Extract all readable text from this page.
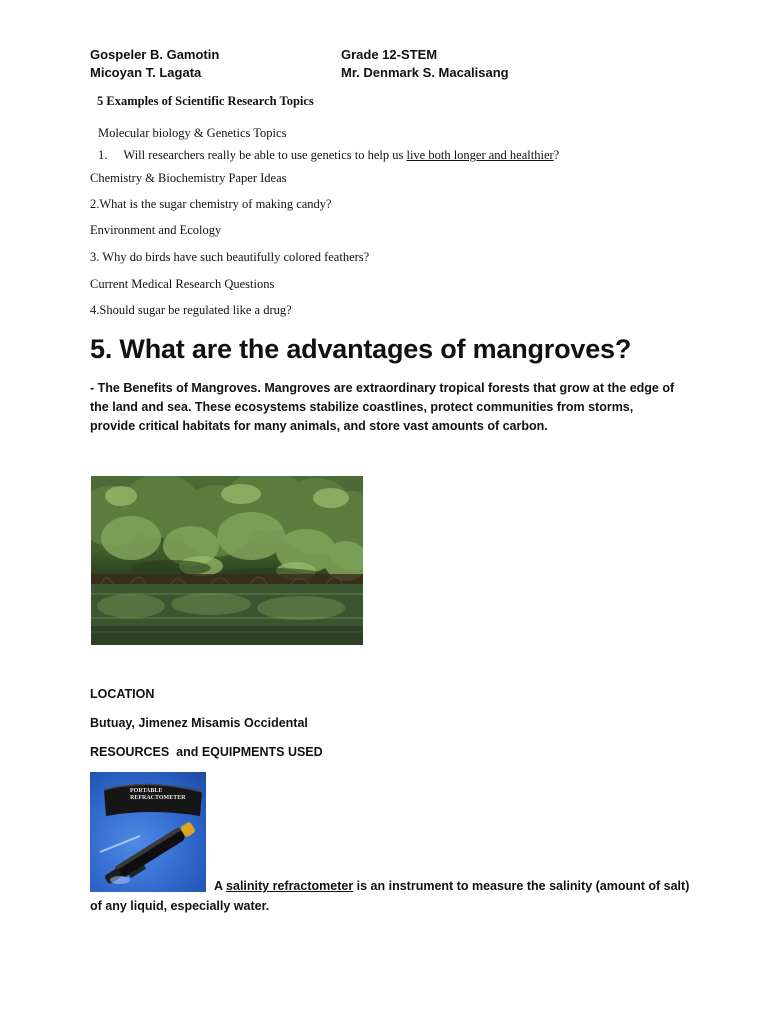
Gospeler B. Gamotin
Micoyan T. Lagata
Grade 12-STEM
Mr. Denmark S. Macalisang
5 Examples of Scientific Research Topics
Molecular biology & Genetics Topics
1. Will researchers really be able to use genetics to help us live both longer and healthier?
Chemistry & Biochemistry Paper Ideas
2.What is the sugar chemistry of making candy?
Environment and Ecology
3. Why do birds have such beautifully colored feathers?
Current Medical Research Questions
4.Should sugar be regulated like a drug?
5. What are the advantages of mangroves?
- The Benefits of Mangroves. Mangroves are extraordinary tropical forests that grow at the edge of the land and sea. These ecosystems stabilize coastlines, protect communities from storms, provide critical habitats for many animals, and store vast amounts of carbon.
LOCATION
Butuay, Jimenez Misamis Occidental
RESOURCES  and EQUIPMENTS USED
PORTABLE
REFRACTOMETER
A salinity refractometer is an instrument to measure the salinity (amount of salt) of any liquid, especially water.
